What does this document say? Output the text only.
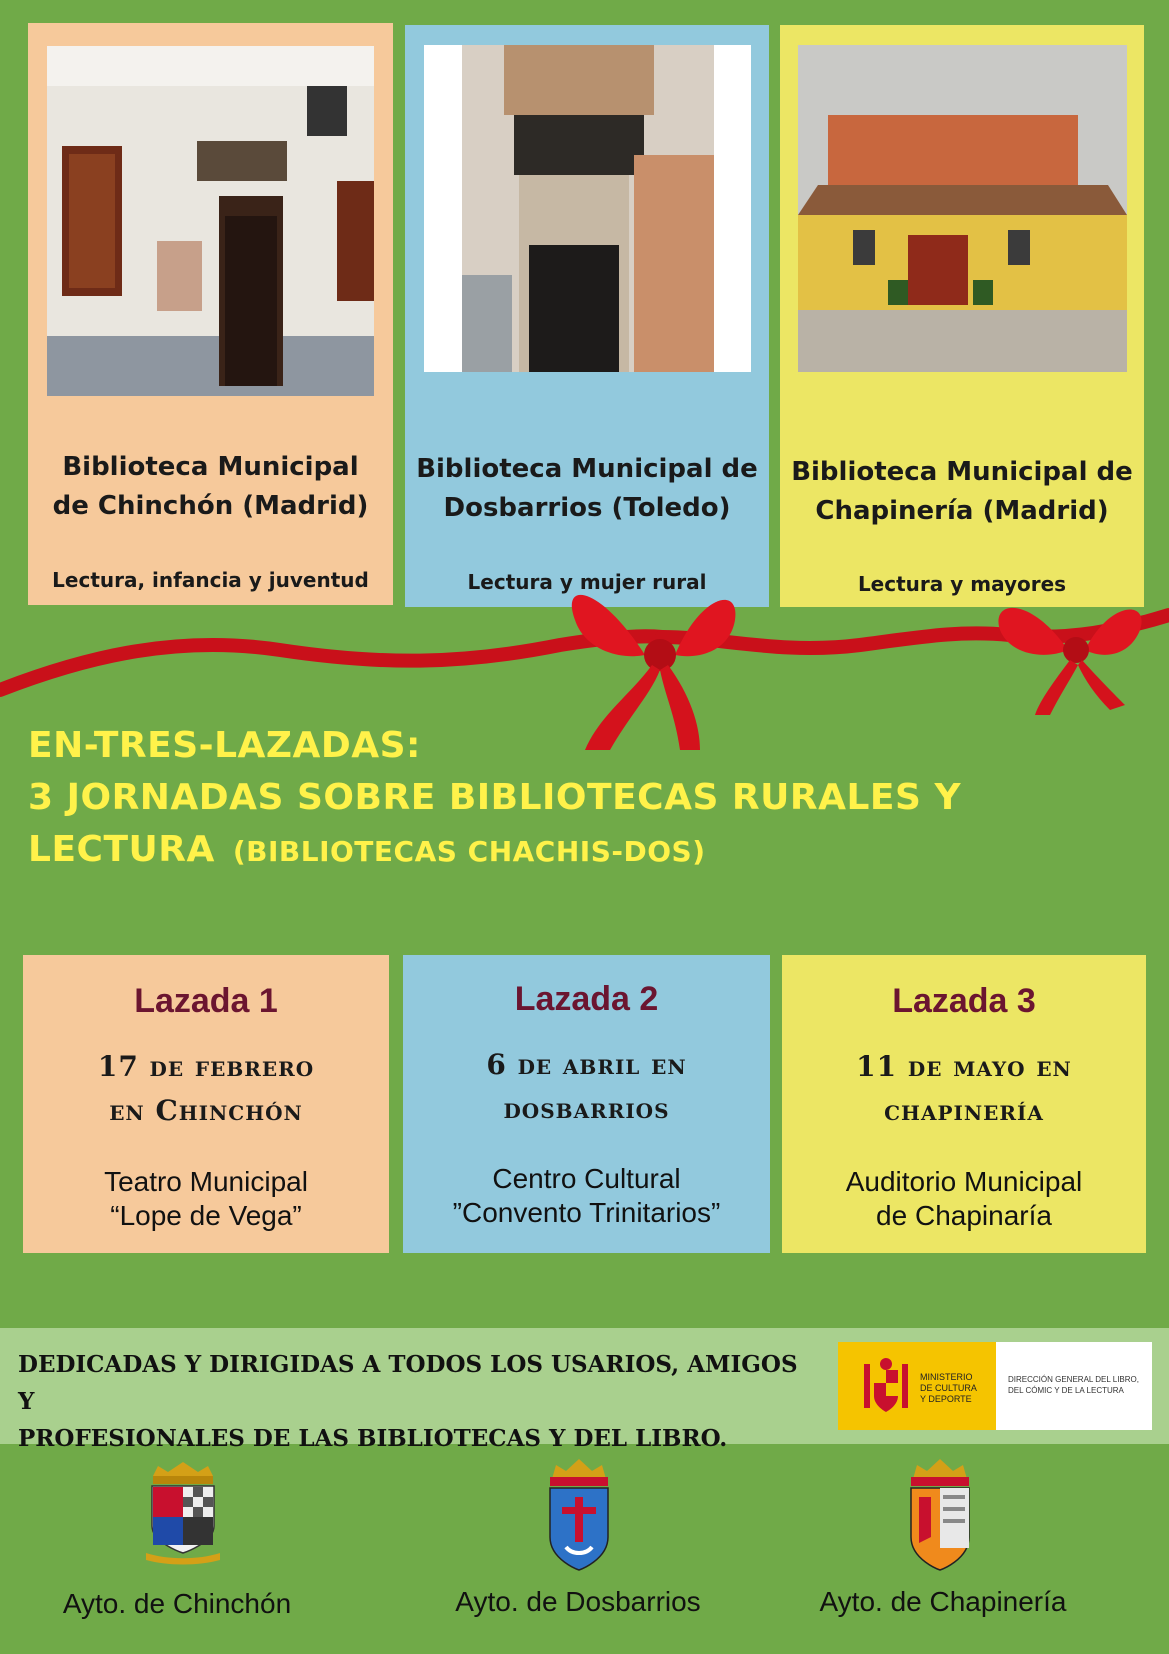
Biblioteca Municipal
de Chinchón (Madrid)
Lectura, infancia y juventud
Biblioteca Municipal de
Dosbarrios (Toledo)
Lectura y mujer rural
Biblioteca Municipal de
Chapinería (Madrid)
Lectura y mayores
EN-TRES-LAZADAS:
3 JORNADAS SOBRE BIBLIOTECAS RURALES Y
LECTURA (BIBLIOTECAS CHACHIS-DOS)
Lazada 1
17 de febrero
en Chinchón
Teatro Municipal
“Lope de Vega”
Lazada 2
6 de abril en
dosbarrios
Centro Cultural
”Convento Trinitarios”
Lazada 3
11 de mayo en
chapinería
Auditorio Municipal
de Chapinaría
DEDICADAS Y DIRIGIDAS A TODOS LOS USARIOS, AMIGOS Y
PROFESIONALES DE LAS BIBLIOTECAS Y DEL LIBRO.
MINISTERIO
DE CULTURA
Y DEPORTE
DIRECCIÓN GENERAL DEL LIBRO,
DEL CÓMIC Y DE LA LECTURA
Ayto. de Chinchón	Ayto. de Dosbarrios	Ayto. de Chapinería
